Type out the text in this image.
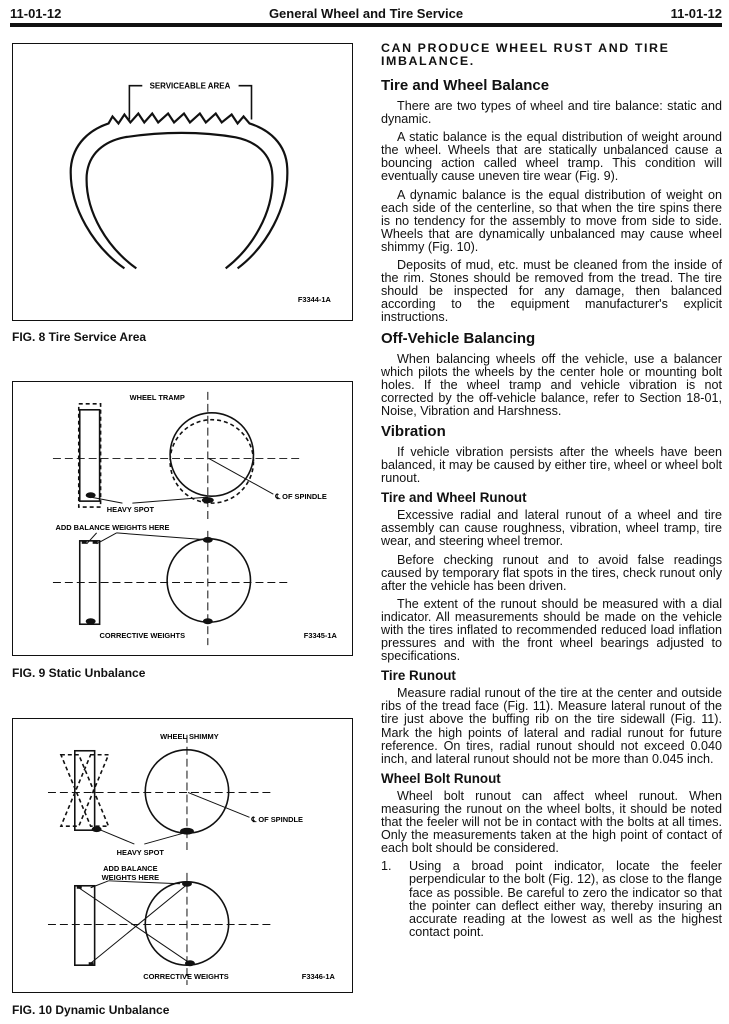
11-01-12	General Wheel and Tire Service	11-01-12
SERVICEABLE AREA
F3344-1A
FIG. 8 Tire Service Area
WHEEL TRAMP
℄ OF SPINDLE
HEAVY SPOT
ADD BALANCE WEIGHTS HERE
CORRECTIVE WEIGHTS	F3345-1A
FIG. 9 Static Unbalance
WHEEL SHIMMY
℄ OF SPINDLE
HEAVY SPOT
ADD BALANCE
WEIGHTS HERE
CORRECTIVE WEIGHTS	F3346-1A
FIG. 10 Dynamic Unbalance
CAN PRODUCE WHEEL RUST AND TIRE IMBALANCE.
Tire and Wheel Balance

There are two types of wheel and tire balance: static and dynamic.

A static balance is the equal distribution of weight around the wheel. Wheels that are statically unbalanced cause a bouncing action called wheel tramp. This condition will eventually cause uneven tire wear (Fig. 9).

A dynamic balance is the equal distribution of weight on each side of the centerline, so that when the tire spins there is no tendency for the assembly to move from side to side. Wheels that are dynamically unbalanced may cause wheel shimmy (Fig. 10).

Deposits of mud, etc. must be cleaned from the inside of the rim. Stones should be removed from the tread. The tire should be inspected for any damage, then balanced according to the equipment manufacturer's explicit instructions.

Off-Vehicle Balancing

When balancing wheels off the vehicle, use a balancer which pilots the wheels by the center hole or mounting bolt holes. If the wheel tramp and vehicle vibration is not corrected by the off-vehicle balance, refer to Section 18-01, Noise, Vibration and Harshness.

Vibration

If vehicle vibration persists after the wheels have been balanced, it may be caused by either tire, wheel or wheel bolt runout.

Tire and Wheel Runout

Excessive radial and lateral runout of a wheel and tire assembly can cause roughness, vibration, wheel tramp, tire wear, and steering wheel tremor.

Before checking runout and to avoid false readings caused by temporary flat spots in the tires, check runout only after the vehicle has been driven.

The extent of the runout should be measured with a dial indicator. All measurements should be made on the vehicle with the tires inflated to recommended reduced load inflation pressures and with the front wheel bearings adjusted to specifications.

Tire Runout

Measure radial runout of the tire at the center and outside ribs of the tread face (Fig. 11). Measure lateral runout of the tire just above the buffing rib on the tire sidewall (Fig. 11). Mark the high points of lateral and radial runout for future reference. On tires, radial runout should not exceed 0.040 inch, and lateral runout should not be more than 0.045 inch.

Wheel Bolt Runout

Wheel bolt runout can affect wheel runout. When measuring the runout on the wheel bolts, it should be noted that the feeler will not be in contact with the bolts at all times. Only the measurements taken at the high point of contact of each bolt should be considered.

1. Using a broad point indicator, locate the feeler perpendicular to the bolt (Fig. 12), as close to the flange face as possible. Be careful to zero the indicator so that the pointer can deflect either way, thereby insuring an accurate reading at the lowest as well as the highest contact point.
